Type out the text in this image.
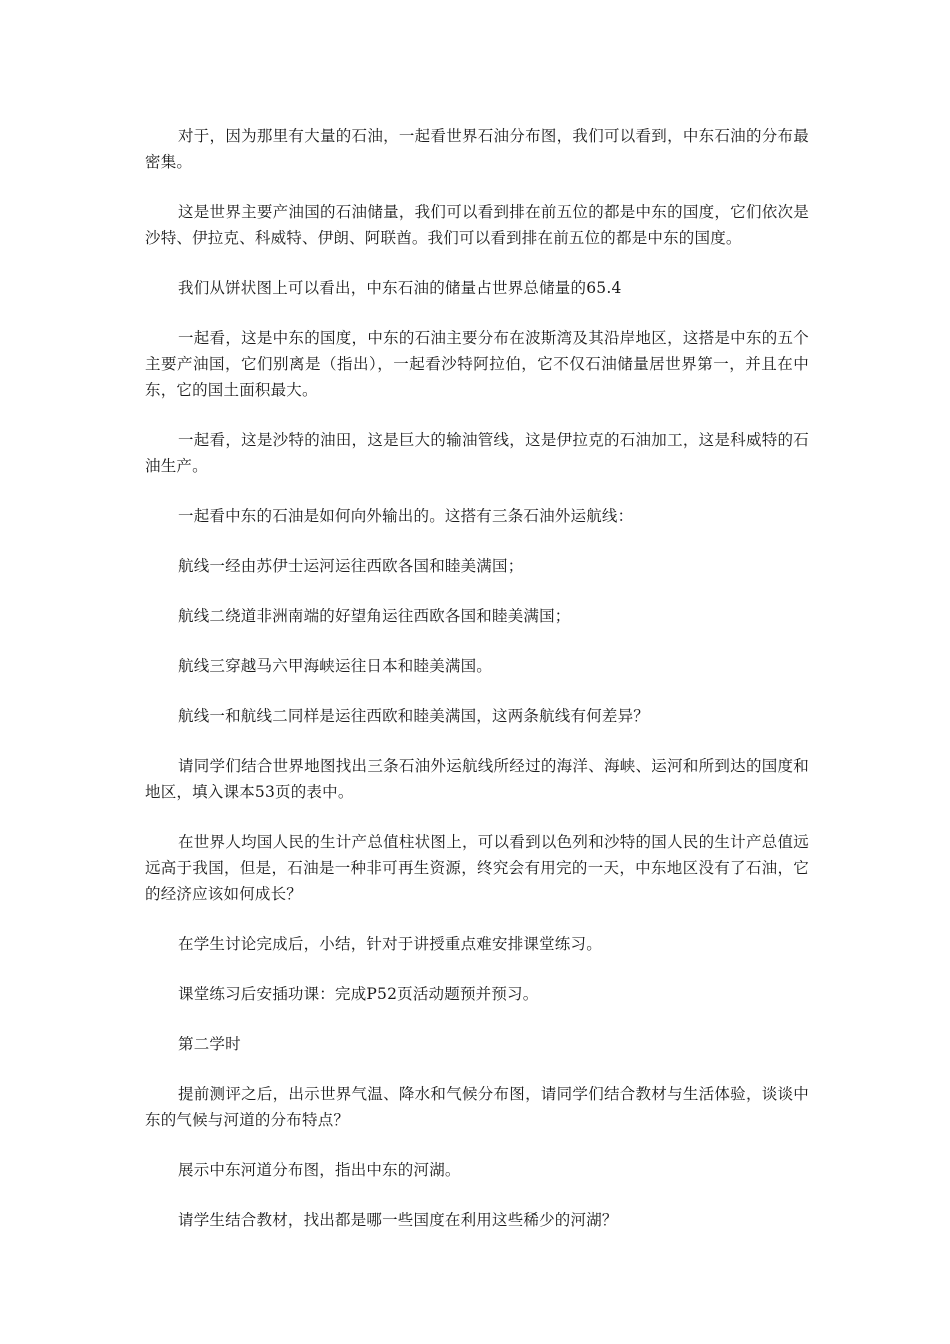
对于，因为那里有大量的石油，一起看世界石油分布图，我们可以看到，中东石油的分布最密集。

这是世界主要产油国的石油储量，我们可以看到排在前五位的都是中东的国度，它们依次是沙特、伊拉克、科威特、伊朗、阿联酋。我们可以看到排在前五位的都是中东的国度。

我们从饼状图上可以看出，中东石油的储量占世界总储量的65.4

一起看，这是中东的国度，中东的石油主要分布在波斯湾及其沿岸地区，这搭是中东的五个主要产油国，它们别离是（指出），一起看沙特阿拉伯，它不仅石油储量居世界第一，并且在中东，它的国土面积最大。

一起看，这是沙特的油田，这是巨大的输油管线，这是伊拉克的石油加工，这是科威特的石油生产。

一起看中东的石油是如何向外输出的。这搭有三条石油外运航线：

航线一经由苏伊士运河运往西欧各国和睦美满国；

航线二绕道非洲南端的好望角运往西欧各国和睦美满国；

航线三穿越马六甲海峡运往日本和睦美满国。

航线一和航线二同样是运往西欧和睦美满国，这两条航线有何差异？

请同学们结合世界地图找出三条石油外运航线所经过的海洋、海峡、运河和所到达的国度和地区，填入课本53页的表中。

在世界人均国人民的生计产总值柱状图上，可以看到以色列和沙特的国人民的生计产总值远远高于我国，但是，石油是一种非可再生资源，终究会有用完的一天，中东地区没有了石油，它的经济应该如何成长？

在学生讨论完成后，小结，针对于讲授重点难安排课堂练习。

课堂练习后安插功课：完成P52页活动题预并预习。

第二学时

提前测评之后，出示世界气温、降水和气候分布图，请同学们结合教材与生活体验，谈谈中东的气候与河道的分布特点？

展示中东河道分布图，指出中东的河湖。

请学生结合教材，找出都是哪一些国度在利用这些稀少的河湖？
